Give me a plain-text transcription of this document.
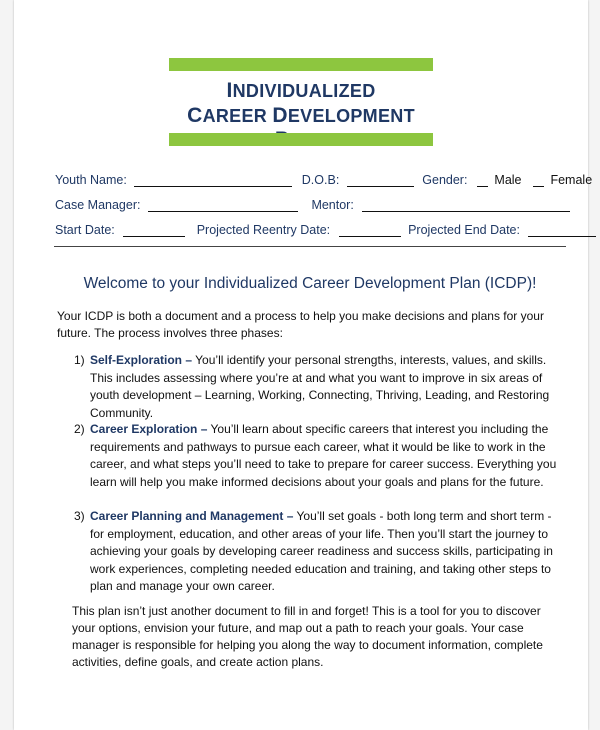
INDIVIDUALIZED
CAREER DEVELOPMENT
Youth Name:	D.O.B:	Gender: Male Female
Case Manager:	Mentor:
Start Date:	Projected Reentry Date:	Projected End Date:
Welcome to your Individualized Career Development Plan (ICDP)!
Your ICDP is both a document and a process to help you make decisions and plans for your future. The process involves three phases:
1) Self-Exploration – You’ll identify your personal strengths, interests, values, and skills. This includes assessing where you’re at and what you want to improve in six areas of youth development – Learning, Working, Connecting, Thriving, Leading, and Restoring Community.
2) Career Exploration – You’ll learn about specific careers that interest you including the requirements and pathways to pursue each career, what it would be like to work in the career, and what steps you’ll need to take to prepare for career success. Everything you learn will help you make informed decisions about your goals and plans for the future.
3) Career Planning and Management – You’ll set goals - both long term and short term - for employment, education, and other areas of your life. Then you’ll start the journey to achieving your goals by developing career readiness and success skills, participating in work experiences, completing needed education and training, and taking other steps to plan and manage your own career.
This plan isn’t just another document to fill in and forget! This is a tool for you to discover your options, envision your future, and map out a path to reach your goals. Your case manager is responsible for helping you along the way to document information, complete activities, define goals, and create action plans.
